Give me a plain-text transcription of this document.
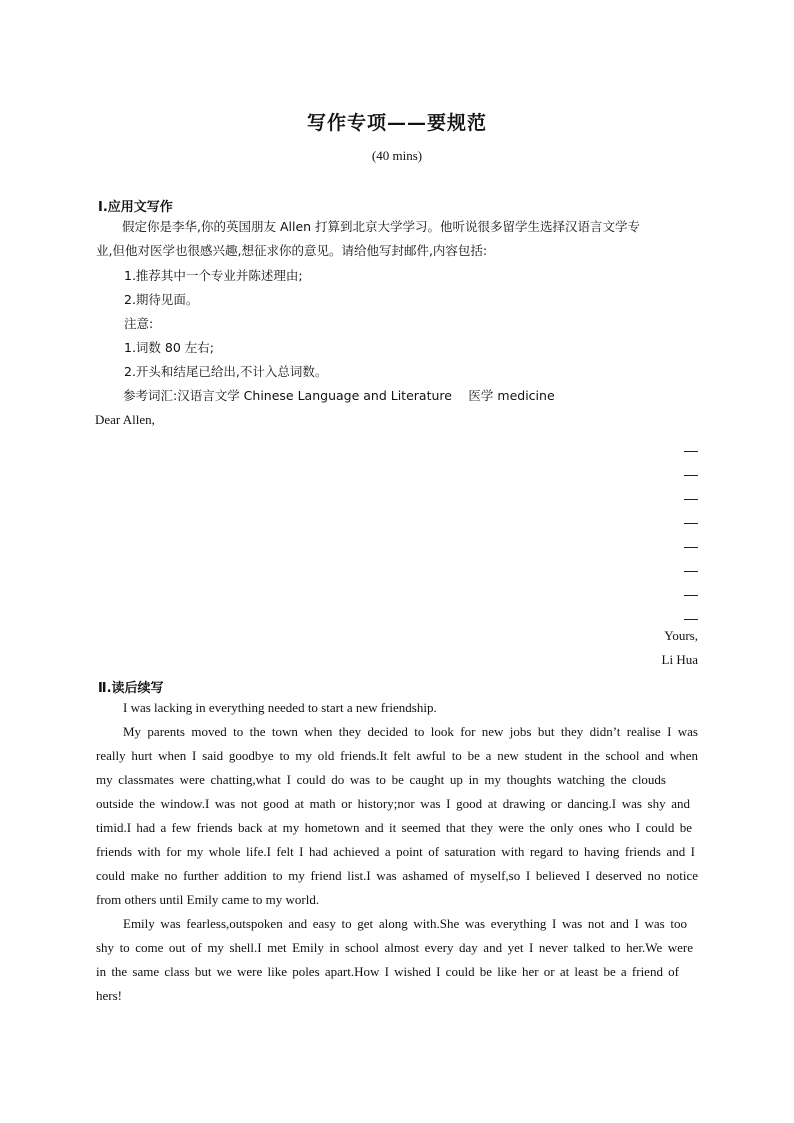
写作专项——要规范
(40 mins)
Ⅰ.应用文写作
假定你是李华,你的英国朋友 Allen 打算到北京大学学习。他听说很多留学生选择汉语言文学专
业,但他对医学也很感兴趣,想征求你的意见。请给他写封邮件,内容包括:
1.推荐其中一个专业并陈述理由;
2.期待见面。
注意:
1.词数 80 左右;
2.开头和结尾已给出,不计入总词数。
参考词汇:汉语言文学 Chinese Language and Literature　 医学 medicine
Dear Allen,
Yours,
Li Hua
Ⅱ.读后续写
I was lacking in everything needed to start a new friendship.
My parents moved to the town when they decided to look for new jobs but they didn’t realise I was
really hurt when I said goodbye to my old friends.It felt awful to be a new student in the school and when
my classmates were chatting,what I could do was to be caught up in my thoughts watching the clouds
outside the window.I was not good at math or history;nor was I good at drawing or dancing.I was shy and
timid.I had a few friends back at my hometown and it seemed that they were the only ones who I could be
friends with for my whole life.I felt I had achieved a point of saturation with regard to having friends and I
could make no further addition to my friend list.I was ashamed of myself,so I believed I deserved no notice
from others until Emily came to my world.
Emily was fearless,outspoken and easy to get along with.She was everything I was not and I was too
shy to come out of my shell.I met Emily in school almost every day and yet I never talked to her.We were
in the same class but we were like poles apart.How I wished I could be like her or at least be a friend of
hers!
